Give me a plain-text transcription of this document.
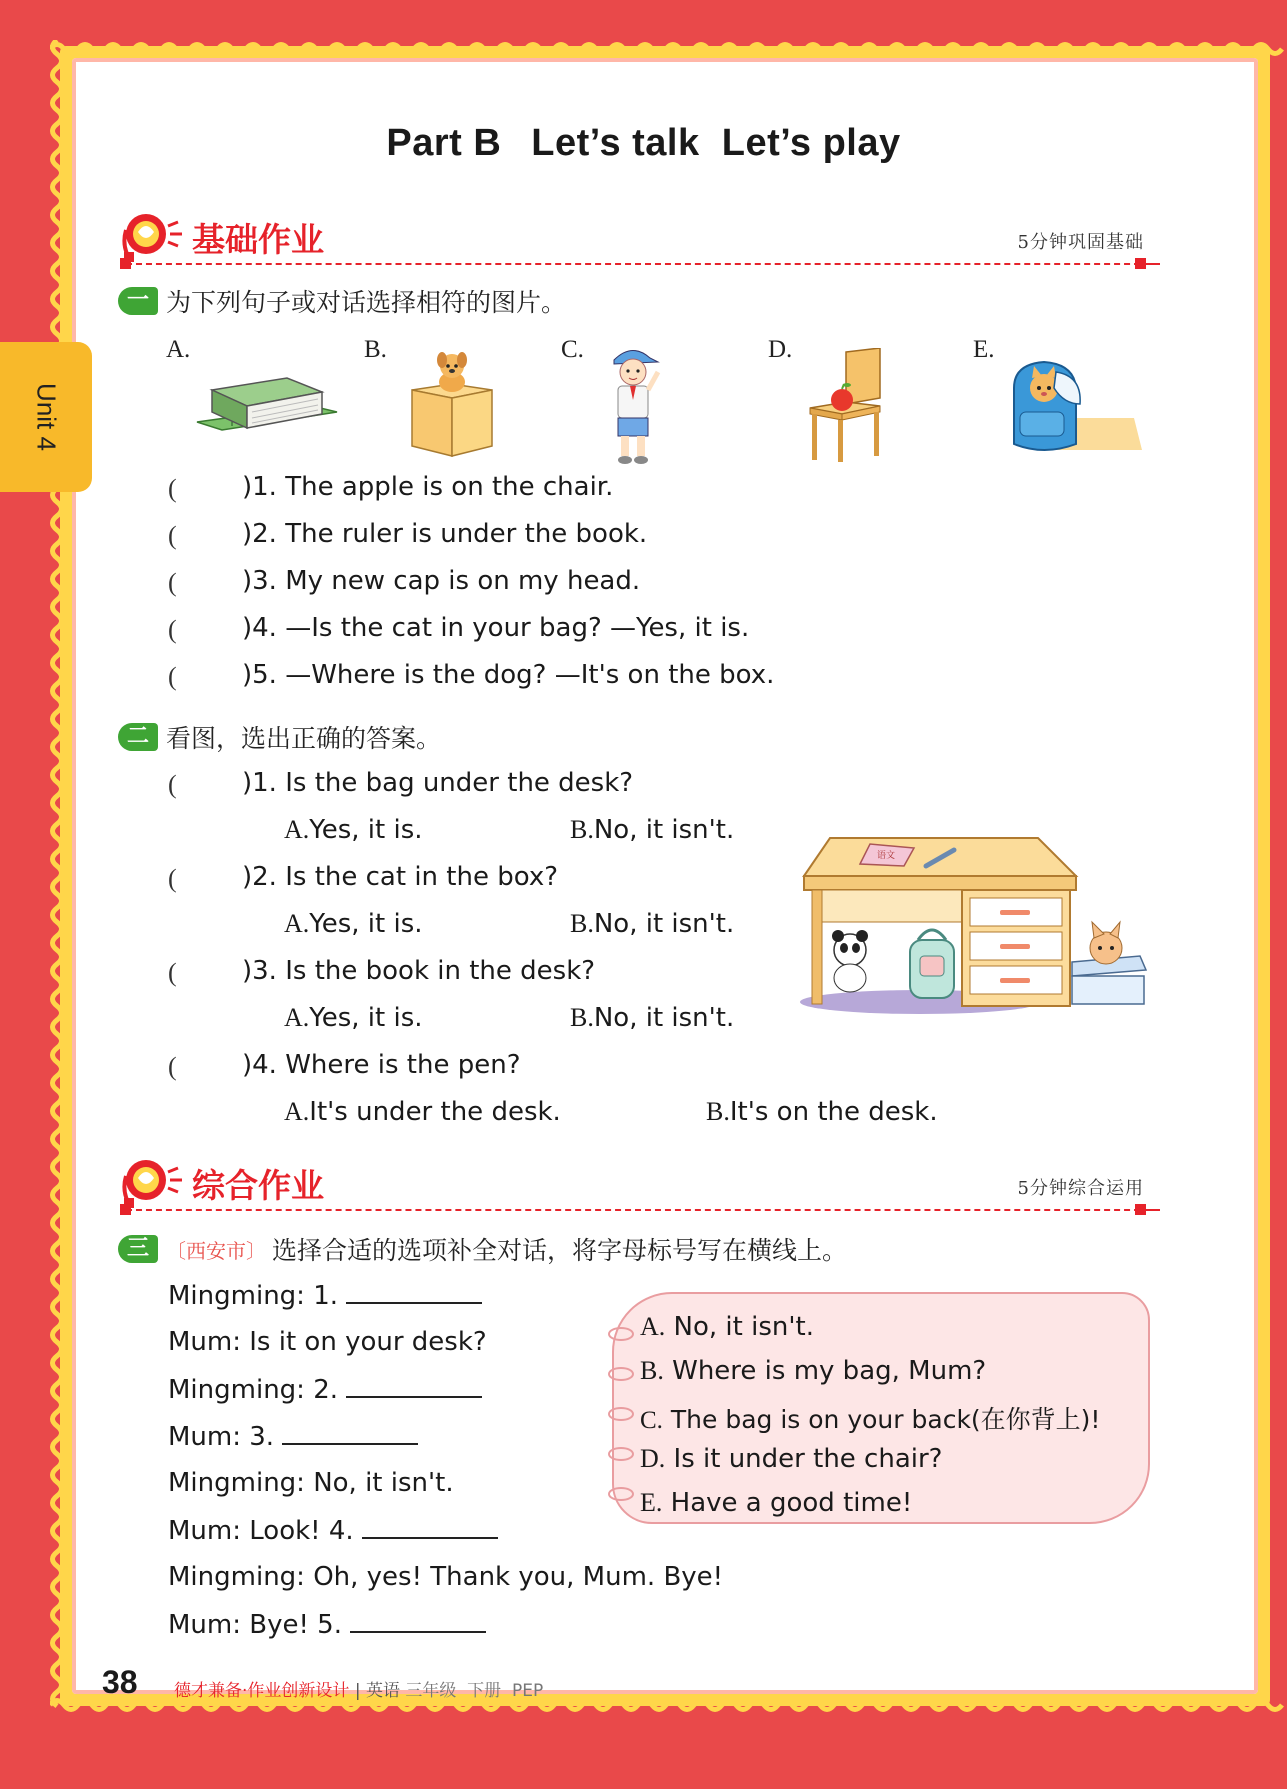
Unit 4
Part B Let’s talk  Let’s play
基础作业	5分钟巩固基础
一 为下列句子或对话选择相符的图片。
A.	B.	C.	D.	E.
(	)1. The apple is on the chair.
(	)2. The ruler is under the book.
(	)3. My new cap is on my head.
(	)4. —Is the cat in your bag? —Yes, it is.
(	)5. —Where is the dog? —It's on the box.
二 看图，选出正确的答案。
(	)1. Is the bag under the desk?
A.Yes, it is.	B.No, it isn't.
(	)2. Is the cat in the box?
A.Yes, it is.	B.No, it isn't.
(	)3. Is the book in the desk?
A.Yes, it is.	B.No, it isn't.
(	)4. Where is the pen?
A.It's under the desk.	B.It's on the desk.
语文
综合作业	5分钟综合运用
三 〔西安市〕 选择合适的选项补全对话，将字母标号写在横线上。
Mingming: 1.
Mum: Is it on your desk?
Mingming: 2.
Mum: 3.
Mingming: No, it isn't.
Mum: Look! 4.
Mingming: Oh, yes! Thank you, Mum. Bye!
Mum: Bye! 5.
A. No, it isn't.
B. Where is my bag, Mum?
C. The bag is on your back(在你背上)!
D. Is it under the chair?
E. Have a good time!
38 德才兼备·作业创新设计 | 英语 三年级  下册  PEP
